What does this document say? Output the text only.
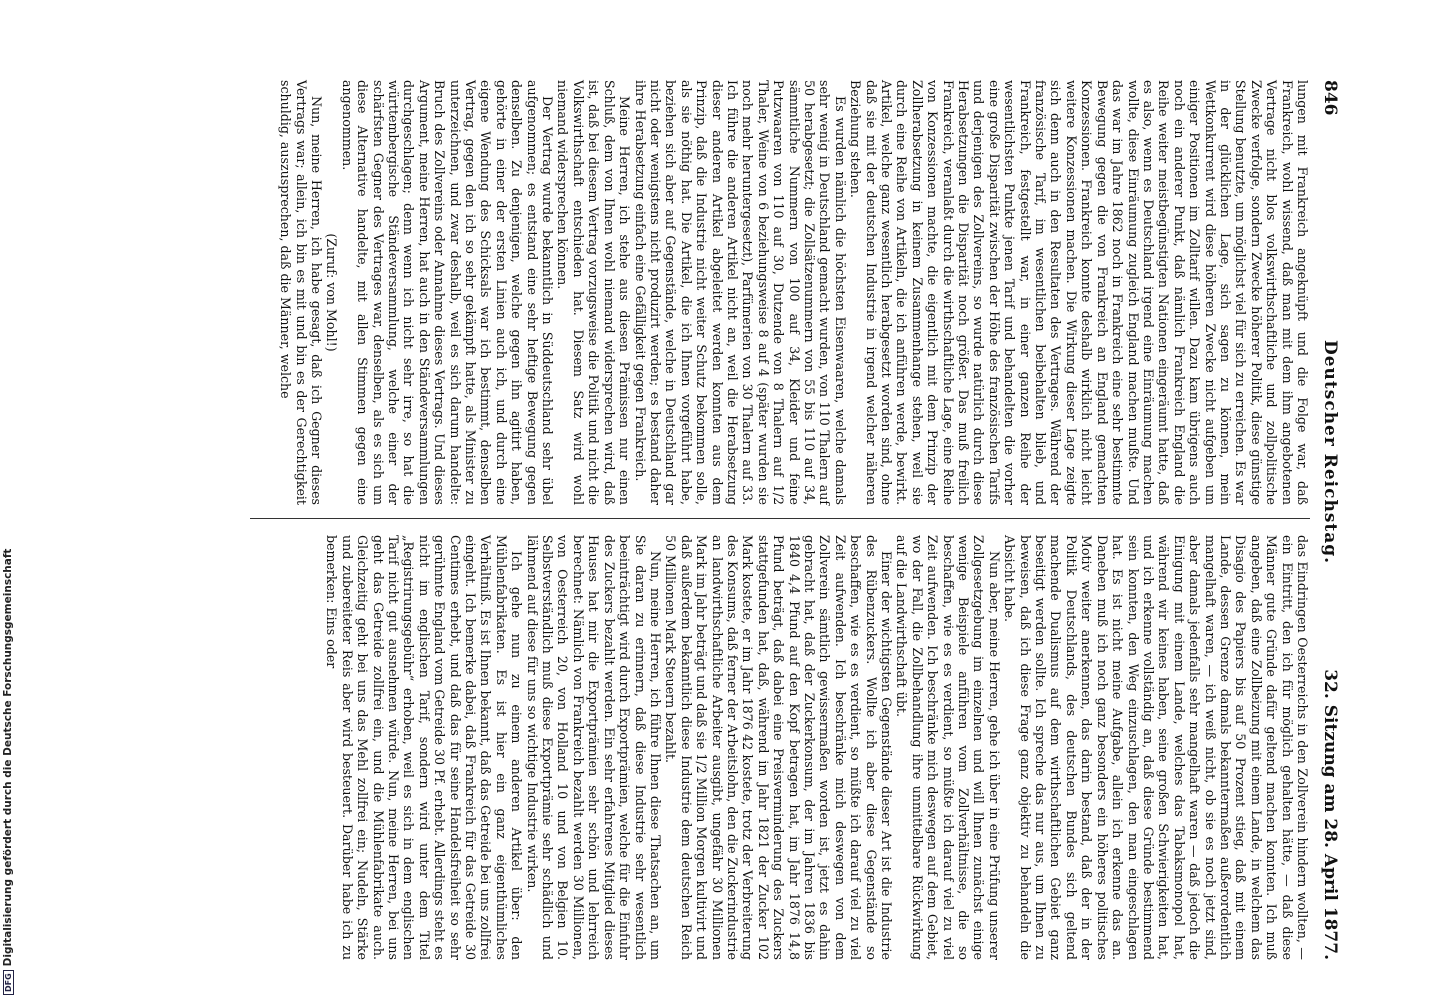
846
Deutscher Reichstag.
32. Sitzung am 28. April 1877.

lungen mit Frankreich angeknüpft und die Folge war, daß Frankreich, wohl wissend, daß man mit dem ihm angebotenen Vertrage nicht blos volkswirthschaftliche und zollpolitische Zwecke verfolge, sondern Zwecke höherer Politik, diese günstige Stellung benutzte, um möglichst viel für sich zu erreichen. Es war in der glücklichen Lage, sich sagen zu können, mein Wettkonkurrent wird diese höheren Zwecke nicht aufgeben um einiger Positionen im Zolltarif willen. Dazu kam übrigens auch noch ein anderer Punkt, daß nämlich Frankreich England die Reihe weiter meistbegünstigten Nationen eingeräumt hatte, daß es also, wenn es Deutschland irgend eine Einräumung machen wollte, diese Einräumung zugleich England machen mußte. Und das war im Jahre 1862 noch in Frankreich eine sehr bestimmte Bewegung gegen die von Frankreich an England gemachten Konzessionen. Frankreich konnte deshalb wirklich nicht leicht weitere Konzessionen machen. Die Wirkung dieser Lage zeigte sich denn auch in den Resultaten des Vertrages. Während der französische Tarif, im wesentlichen beibehalten blieb, und Frankreich, festgestellt war, in einer ganzen Reihe der wesentlichsten Punkte jenen Tarif und behandelten die vorher eine große Disparität zwischen der Höhe des französischen Tarifs und derjenigen des Zollvereins, so wurde natürlich durch diese Herabsetzungen die Disparität noch größer. Das muß freilich Frankreich, veranlaßt durch die wirthschaftliche Lage, eine Reihe von Konzessionen machte, die eigentlich mit dem Prinzip der Zollherabsetzung in keinem Zusammenhange stehen, weil sie durch eine Reihe von Artikeln, die ich anführen werde, bewirkt. Artikel, welche ganz wesentlich herabgesetzt worden sind, ohne daß sie mit der deutschen Industrie in irgend welcher näheren Beziehung stehen.

Es wurden nämlich die höchsten Eisenwaaren, welche damals sehr wenig in Deutschland gemacht wurden, von 110 Thalern auf 50 herabgesetzt; die Zollsätzenummern von 55 bis 110 auf 34, sämmtliche Nummern von 100 auf 34, Kleider und feine Putzwaaren von 110 auf 30, Dutzende von 8 Thalern auf 1/2 Thaler, Weine von 6 beziehungsweise 8 auf 4 (später wurden sie noch mehr heruntergesetzt), Parfümerien von 30 Thalern auf 33. Ich führe die anderen Artikel nicht an, weil die Herabsetzung dieser anderen Artikel abgeleitet werden konnten aus dem Prinzip, daß die Industrie nicht weiter Schutz bekommen solle, als sie nöthig hat. Die Artikel, die ich Ihnen vorgeführt habe, beziehen sich aber auf Gegenstände, welche in Deutschland gar nicht oder wenigstens nicht produzirt werden; es bestand daher ihre Herabsetzung einfach eine Gefälligkeit gegen Frankreich.

Meine Herren, ich stehe aus diesen Prämissen nur einen Schluß, dem von Ihnen wohl niemand widersprechen wird, daß ist, daß bei diesem Vertrag vorzugsweise die Politik und nicht die Volkswirthschaft entschieden hat. Diesem Satz wird wohl niemand widersprechen können.

Der Vertrag wurde bekanntlich in Süddeutschland sehr übel aufgenommen; es entstand eine sehr heftige Bewegung gegen denselben. Zu denjenigen, welche gegen ihn agitirt haben, gehörte in einer der ersten Linien auch ich, und durch eine eigene Wendung des Schicksals war ich bestimmt, denselben Vertrag, gegen den ich so sehr gekämpft hatte, als Minister zu unterzeichnen, und zwar deshalb, weil es sich darum handelte: Bruch des Zollvereins oder Annahme dieses Vertrags. Und dieses Argument, meine Herren, hat auch in den Ständeversammlungen durchgeschlagen; denn wenn ich nicht sehr irre, so hat die württembergische Ständeversammlung, welche einer der schärfsten Gegner des Vertrages war, denselben, als es sich um diese Alternative handelte, mit allen Stimmen gegen eine angenommen.

(Zuruf: von Mohl!)

Nun, meine Herren, ich habe gesagt, daß ich Gegner dieses Vertrags war; allein, ich bin es mit und bin es der Gerechtigkeit schuldig, auszusprechen, daß die Männer, welche

das Eindringen Oesterreichs in den Zollverein hindern wollten, — ein Eintritt, den ich für möglich gehalten hätte, — daß diese Männer gute Gründe dafür geltend machen konnten. Ich muß angeben, daß eine Zollbeizung mit einem Lande, in welchem das Disagio des Papiers bis auf 50 Prozent stieg, daß mit einem Lande, dessen Grenze damals bekanntermaßen außerordentlich mangelhaft waren, — ich weiß nicht, ob sie es noch jetzt sind, aber damals jedenfalls sehr mangelhaft waren — daß jedoch die Einigung mit einem Lande, welches das Tabaksmonopol hat, während wir keines haben, seine großen Schwierigkeiten hat, und ich erkenne vollständig an, daß diese Gründe bestimmend sein konnten, den Weg einzuschlagen, den man eingeschlagen hat. Es ist nicht meine Aufgabe, allein ich erkenne das an. Daneben muß ich noch ganz besonders ein höheres politisches Motiv weiter anerkennen, das darin bestand, daß der in der Politik Deutschlands, des deutschen Bundes sich geltend machende Dualismus auf dem wirthschaftlichen Gebiet ganz beseitigt werden sollte. Ich spreche das nur aus, um Ihnen zu beweisen, daß ich diese Frage ganz objektiv zu behandeln die Absicht habe.

Nun aber, meine Herren, gehe ich über in eine Prüfung unserer Zollgesetzgebung im einzelnen und will Ihnen zunächst einige wenige Beispiele anführen vom Zollverhältnisse, die so beschaffen, wie es es verdient, so müßte ich darauf viel zu viel Zeit aufwenden. Ich beschränke mich deswegen auf dem Gebiet, wo der Fall, die Zollbehandlung ihre unmittelbare Rückwirkung auf die Landwirthschaft übt.

Einer der wichtigsten Gegenstände dieser Art ist die Industrie des Rübenzuckers. Wollte ich aber diese Gegenstände so beschaffen, wie es es verdient, so müßte ich darauf viel zu viel Zeit aufwenden. Ich beschränke mich deswegen von dem Zollverein sämtlich gewissermaßen worden ist, jetzt es dahin gebracht hat, daß der Zuckerkonsum, der im Jahren 1836 bis 1840 4,4 Pfund auf den Kopf betragen hat, im Jahr 1876 14,8 Pfund beträgt, daß dabei eine Preisverminderung des Zuckers stattgefunden hat, daß, während im Jahr 1821 der Zucker 102 Mark kostete, er im Jahr 1876 42 kostete, trotz der Verbreiterung des Konsums, daß ferner der Arbeitslohn, den die Zuckerindustrie an landwirthschaftliche Arbeiter ausgibt, ungefähr 30 Millionen Mark im Jahr beträgt und daß sie 1/2 Million Morgen kultivirt und daß außerdem bekanntlich diese Industrie dem deutschen Reich 50 Millionen Mark Steuern bezahlt.

Nun, meine Herren, ich führe Ihnen diese Thatsachen an, um Sie daran zu erinnern, daß diese Industrie sehr wesentlich beeinträchtigt wird durch Exportprämien, welche für die Einfuhr des Zuckers bezahlt werden. Ein sehr erfahrenes Mitglied dieses Hauses hat mir die Exportprämien sehr schön und lehrreich berechnet: Nämlich von Frankreich bezahlt werden 30 Millionen, von Oesterreich 20, von Holland 10 und von Belgien 10. Selbstverständlich muß diese Exportprämie sehr schädlich und lähmend auf diese für uns so wichtige Industrie wirken.

Ich gehe nun zu einem anderen Artikel über: den Mühlenfabrikaten. Es ist hier ein ganz eigenthümliches Verhältniß. Es ist Ihnen bekannt, daß das Getreide bei uns zollfrei eingeht. Ich bemerke dabei, daß Frankreich für das Getreide 30 Centimes erhebt, und daß das für seine Handelsfreiheit so sehr gerühmte England vom Getreide 30 Pf. erhebt. Allerdings steht es nicht im englischen Tarif, sondern wird unter dem Titel „Registrirungsgebühr“ erhoben, weil es sich in dem englischen Tarif nicht gut ausnehmen würde. Nun, meine Herren, bei uns geht das Getreide zollfrei ein, und die Mühlenfabrikate auch. Gleichzeitig geht bei uns das Mehl zollfrei ein; Nudeln, Stärke und zubereiteter Reis aber wird besteuert. Darüber habe ich zu bemerken: Eins oder

DFGDigitalisierung gefördert durch die Deutsche Forschungsgemeinschaft
